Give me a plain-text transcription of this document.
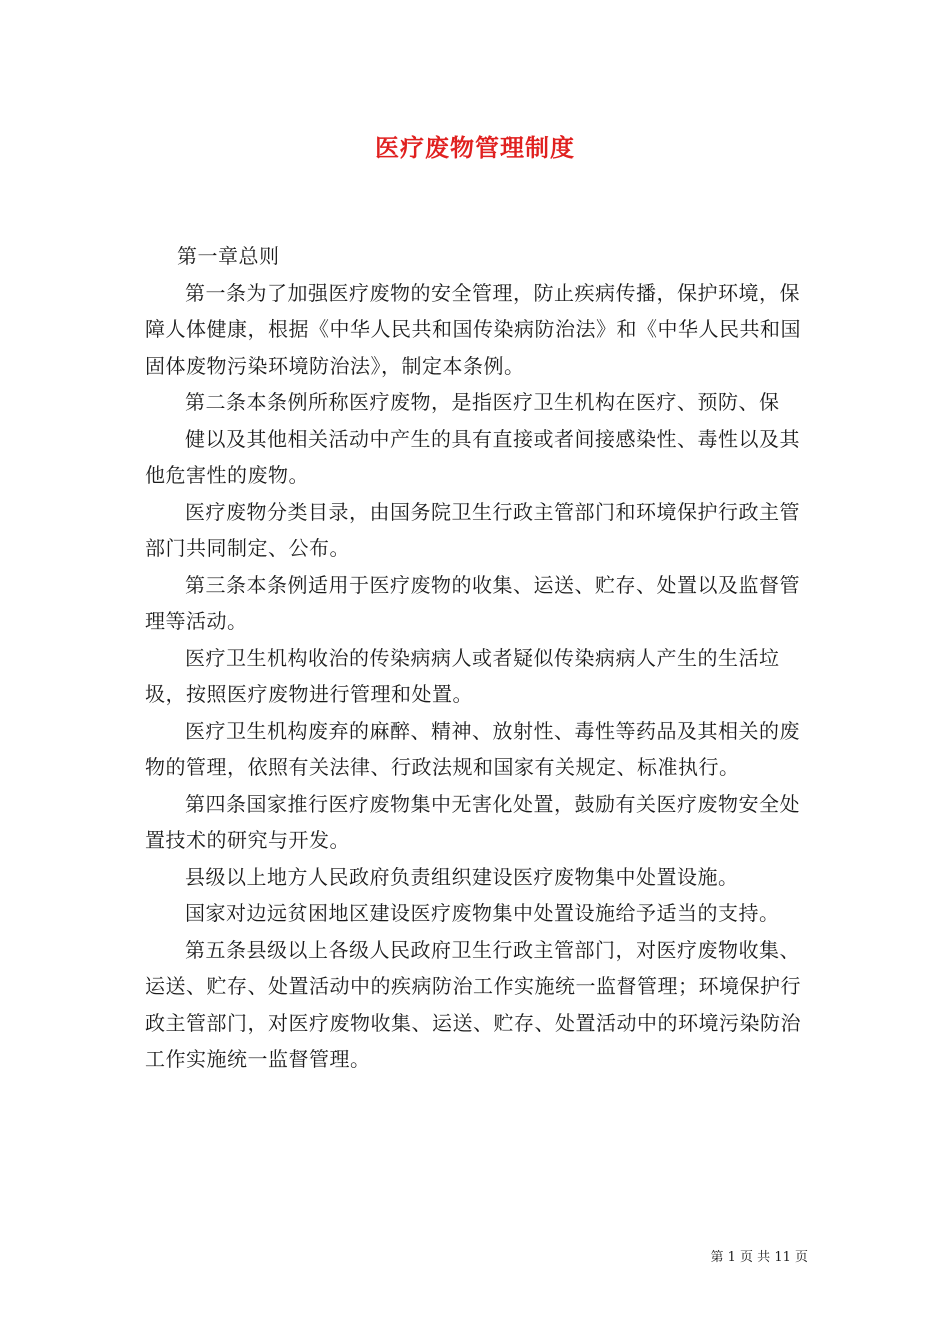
医疗废物管理制度

第一章总则

第一条为了加强医疗废物的安全管理，防止疾病传播，保护环境，保障人体健康，根据《中华人民共和国传染病防治法》和《中华人民共和国固体废物污染环境防治法》，制定本条例。

第二条本条例所称医疗废物，是指医疗卫生机构在医疗、预防、保

健以及其他相关活动中产生的具有直接或者间接感染性、毒性以及其他危害性的废物。

医疗废物分类目录，由国务院卫生行政主管部门和环境保护行政主管部门共同制定、公布。

第三条本条例适用于医疗废物的收集、运送、贮存、处置以及监督管理等活动。

医疗卫生机构收治的传染病病人或者疑似传染病病人产生的生活垃圾，按照医疗废物进行管理和处置。

医疗卫生机构废弃的麻醉、精神、放射性、毒性等药品及其相关的废物的管理，依照有关法律、行政法规和国家有关规定、标准执行。

第四条国家推行医疗废物集中无害化处置，鼓励有关医疗废物安全处置技术的研究与开发。

县级以上地方人民政府负责组织建设医疗废物集中处置设施。

国家对边远贫困地区建设医疗废物集中处置设施给予适当的支持。

第五条县级以上各级人民政府卫生行政主管部门，对医疗废物收集、运送、贮存、处置活动中的疾病防治工作实施统一监督管理；环境保护行政主管部门，对医疗废物收集、运送、贮存、处置活动中的环境污染防治工作实施统一监督管理。

第 1 页 共 11 页
